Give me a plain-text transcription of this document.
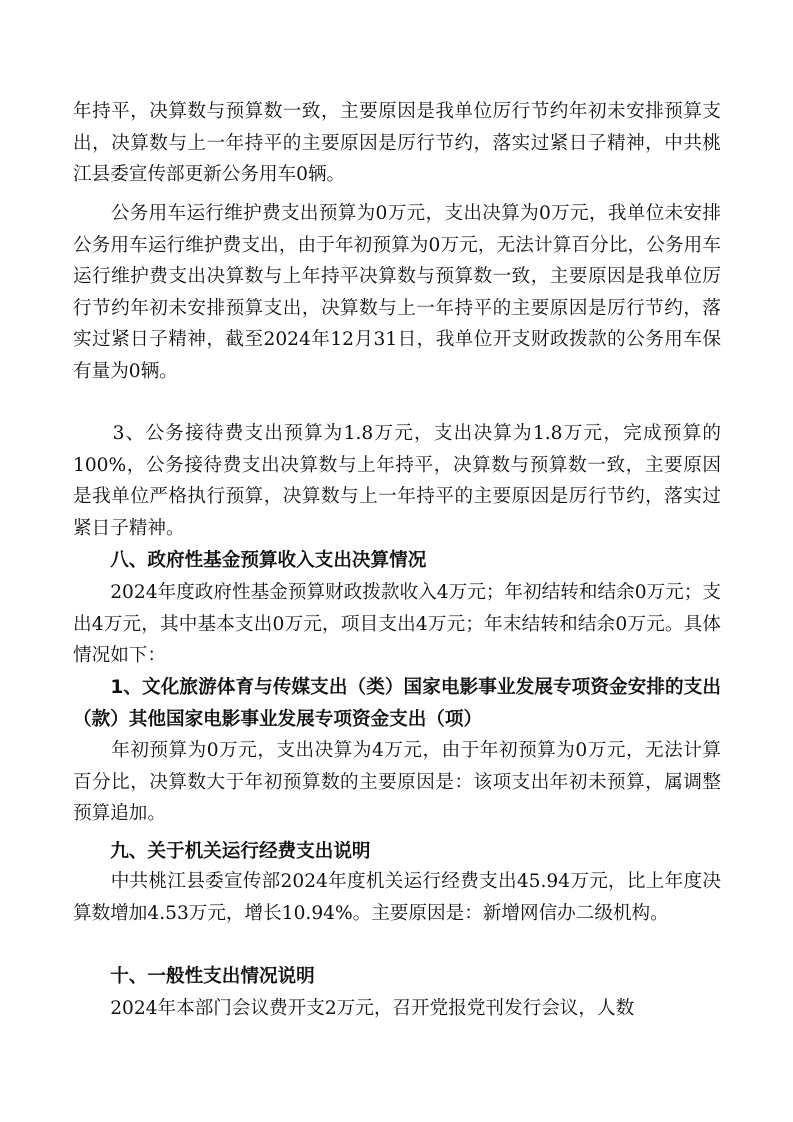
年持平，决算数与预算数一致，主要原因是我单位厉行节约年初未安排预算支出，决算数与上一年持平的主要原因是厉行节约，落实过紧日子精神，中共桃江县委宣传部更新公务用车0辆。
　　公务用车运行维护费支出预算为0万元，支出决算为0万元，我单位未安排公务用车运行维护费支出，由于年初预算为0万元，无法计算百分比，公务用车运行维护费支出决算数与上年持平决算数与预算数一致，主要原因是我单位厉行节约年初未安排预算支出，决算数与上一年持平的主要原因是厉行节约，落实过紧日子精神，截至2024年12月31日，我单位开支财政拨款的公务用车保有量为0辆。
　　3、公务接待费支出预算为1.8万元，支出决算为1.8万元，完成预算的100%，公务接待费支出决算数与上年持平，决算数与预算数一致，主要原因是我单位严格执行预算，决算数与上一年持平的主要原因是厉行节约，落实过紧日子精神。
　　八、政府性基金预算收入支出决算情况
　　2024年度政府性基金预算财政拨款收入4万元；年初结转和结余0万元；支出4万元，其中基本支出0万元，项目支出4万元；年末结转和结余0万元。具体情况如下：
　　1、文化旅游体育与传媒支出（类）国家电影事业发展专项资金安排的支出（款）其他国家电影事业发展专项资金支出（项）
　　年初预算为0万元，支出决算为4万元，由于年初预算为0万元，无法计算百分比，决算数大于年初预算数的主要原因是：该项支出年初未预算，属调整预算追加。
　　九、关于机关运行经费支出说明
　　中共桃江县委宣传部2024年度机关运行经费支出45.94万元，比上年度决算数增加4.53万元，增长10.94%。主要原因是：新增网信办二级机构。
　　十、一般性支出情况说明
　　2024年本部门会议费开支2万元，召开党报党刊发行会议，人数
